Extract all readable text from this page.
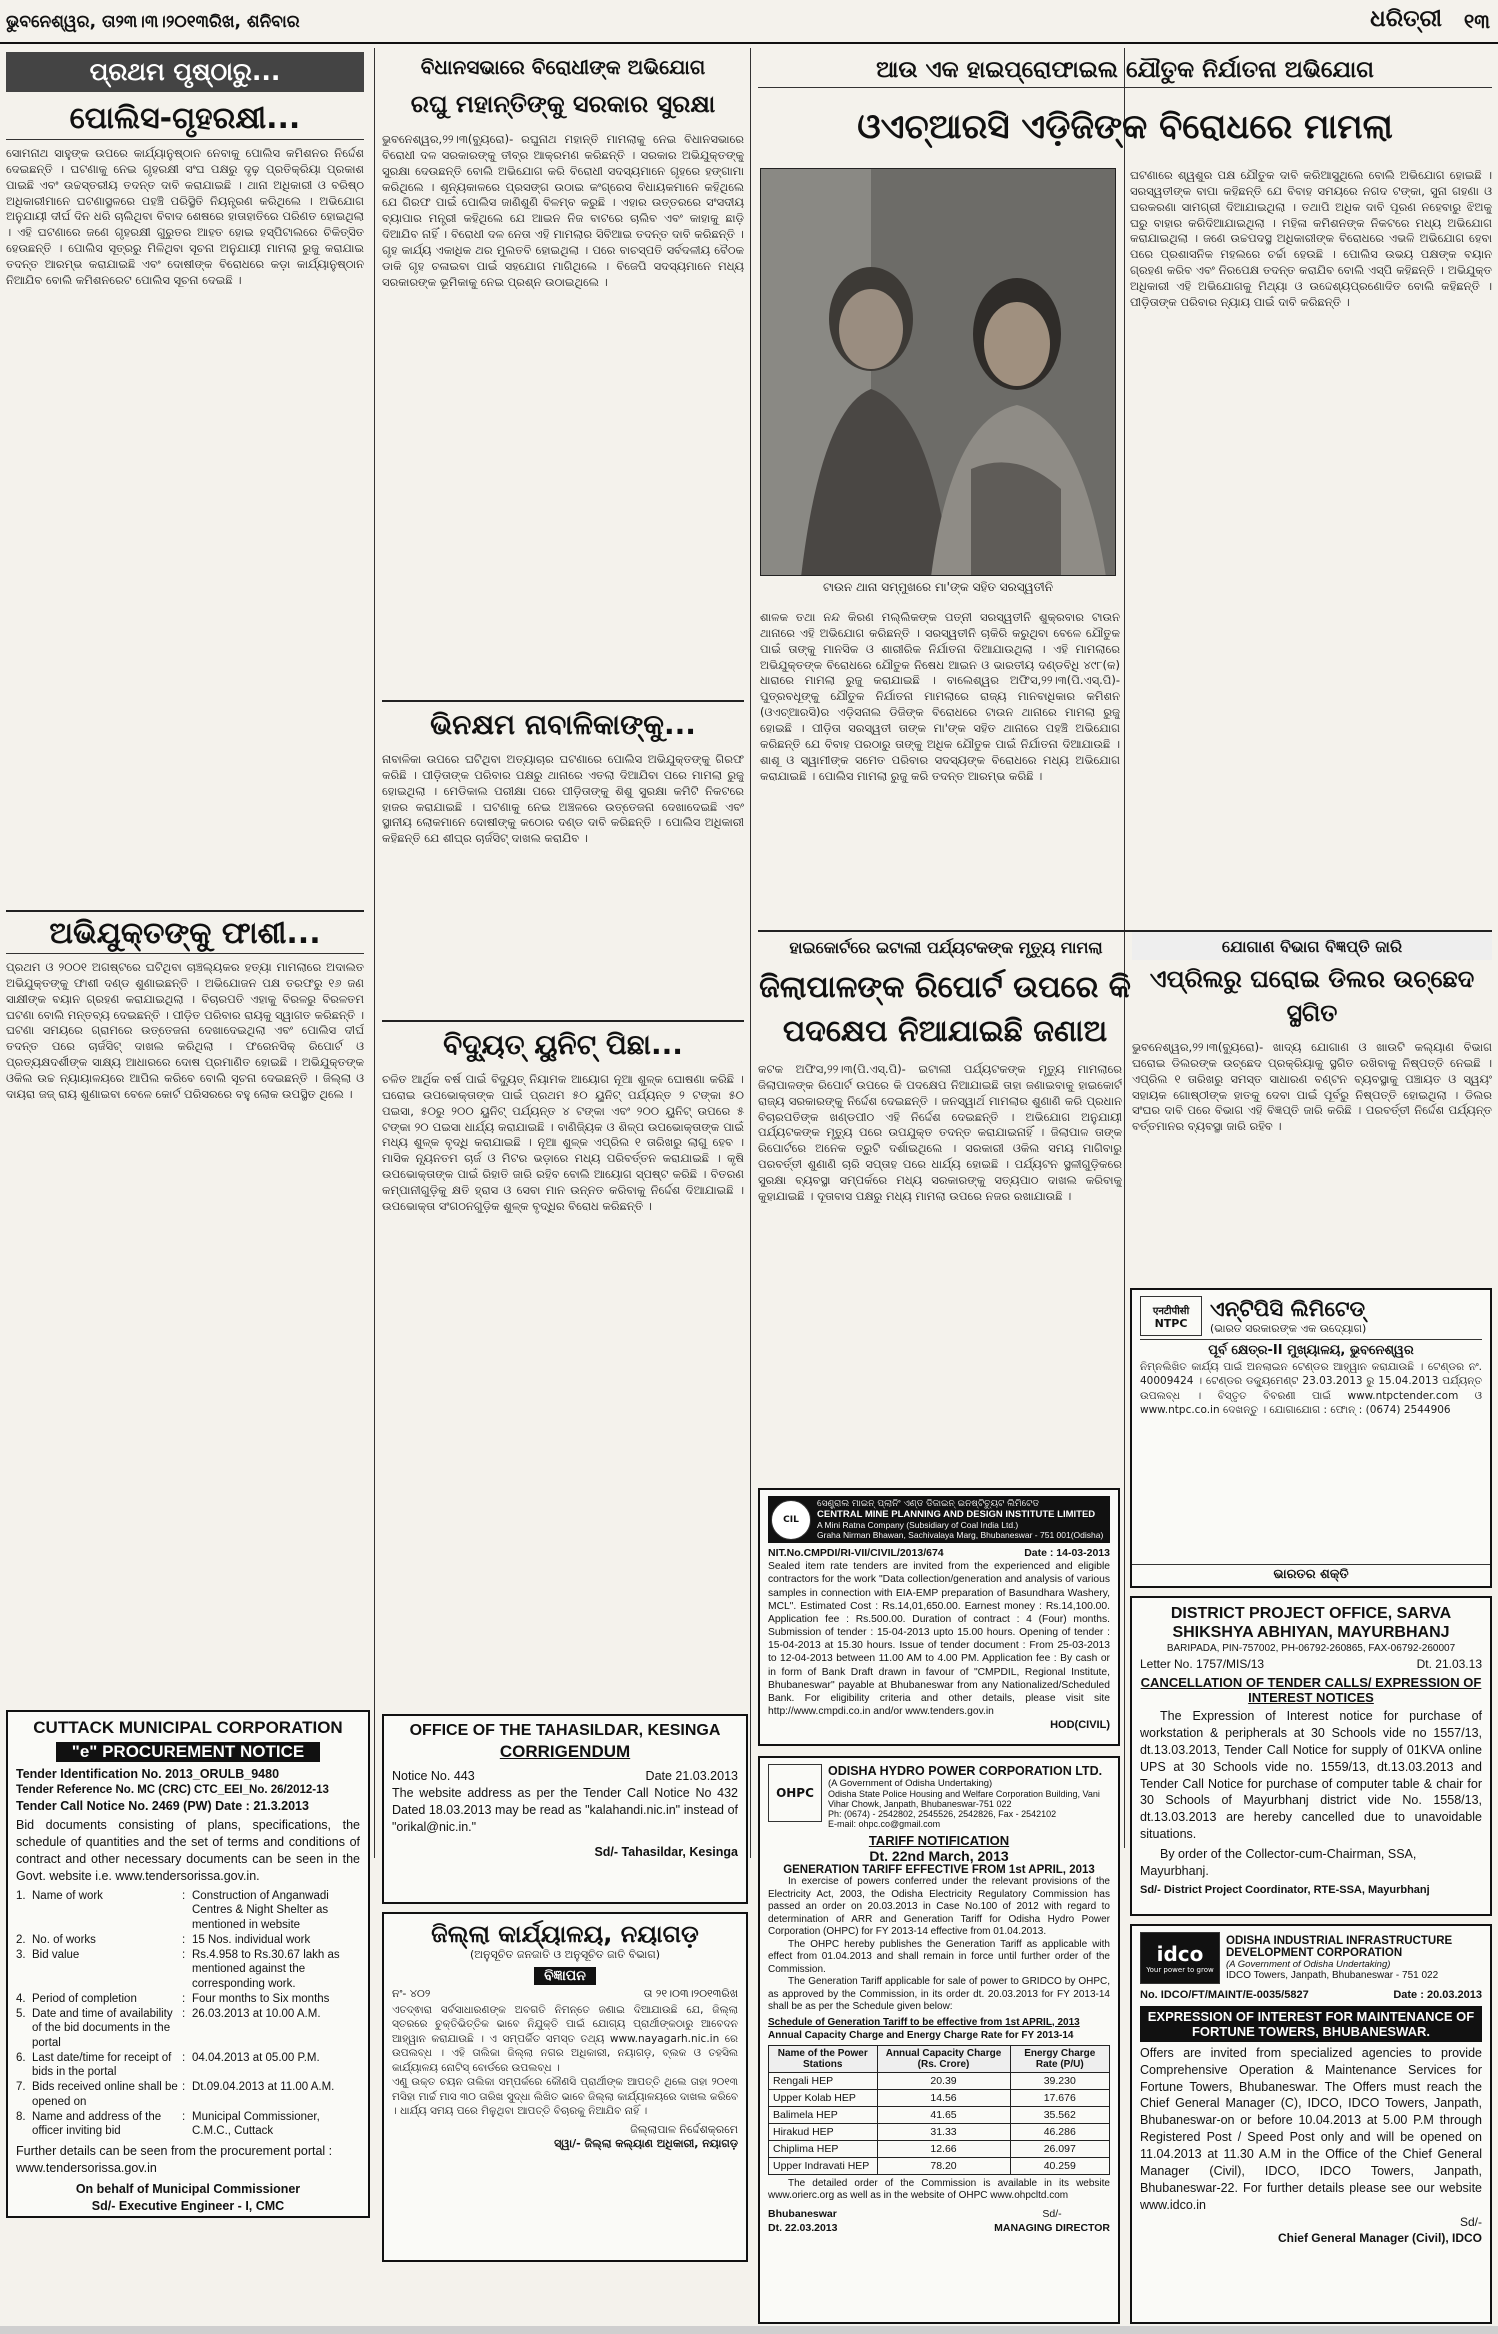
ଭୁବନେଶ୍ୱର, ତା୨୩।୩।୨୦୧୩ରିଖ, ଶନିବାର	ଧରିତ୍ରୀ ୧୩
ପ୍ରଥମ ପୃଷ୍ଠାରୁ...
ପୋଲିସ-ଗୃହରକ୍ଷୀ...
ସୋମନାଥ ସାହୁଙ୍କ ଉପରେ କାର୍ଯ୍ୟାନୁଷ୍ଠାନ ନେବାକୁ ପୋଲିସ କମିଶନର ନିର୍ଦ୍ଦେଶ ଦେଇଛନ୍ତି । ଘଟଣାକୁ ନେଇ ଗୃହରକ୍ଷୀ ସଂଘ ପକ୍ଷରୁ ଦୃଢ଼ ପ୍ରତିକ୍ରିୟା ପ୍ରକାଶ ପାଇଛି ଏବଂ ଉଚ୍ଚସ୍ତରୀୟ ତଦନ୍ତ ଦାବି କରାଯାଇଛି । ଥାନା ଅଧିକାରୀ ଓ ବରିଷ୍ଠ ଅଧିକାରୀମାନେ ଘଟଣାସ୍ଥଳରେ ପହଞ୍ଚି ପରିସ୍ଥିତି ନିୟନ୍ତ୍ରଣ କରିଥିଲେ । ଅଭିଯୋଗ ଅନୁଯାୟୀ ଦୀର୍ଘ ଦିନ ଧରି ଚାଲିଥିବା ବିବାଦ ଶେଷରେ ହାତାହାତିରେ ପରିଣତ ହୋଇଥିଲା । ଏହି ଘଟଣାରେ ଜଣେ ଗୃହରକ୍ଷୀ ଗୁରୁତର ଆହତ ହୋଇ ହସ୍ପିଟାଲରେ ଚିକିତ୍ସିତ ହେଉଛନ୍ତି । ପୋଲିସ ସୂତ୍ରରୁ ମିଳିଥିବା ସୂଚନା ଅନୁଯାୟୀ ମାମଲା ରୁଜୁ କରାଯାଇ ତଦନ୍ତ ଆରମ୍ଭ କରାଯାଇଛି ଏବଂ ଦୋଷୀଙ୍କ ବିରୋଧରେ କଡ଼ା କାର୍ଯ୍ୟାନୁଷ୍ଠାନ ନିଆଯିବ ବୋଲି କମିଶନରେଟ ପୋଲିସ ସୂଚନା ଦେଇଛି ।
ଅଭିଯୁକ୍ତଙ୍କୁ ଫାଶୀ...
ପ୍ରଥମ ଓ ୨୦୦୧ ଅଗଷ୍ଟରେ ଘଟିଥିବା ଚାଞ୍ଚଲ୍ୟକର ହତ୍ୟା ମାମଲାରେ ଅଦାଲତ ଅଭିଯୁକ୍ତଙ୍କୁ ଫାଶୀ ଦଣ୍ଡ ଶୁଣାଇଛନ୍ତି । ଅଭିଯୋଜନ ପକ୍ଷ ତରଫରୁ ୧୬ ଜଣ ସାକ୍ଷୀଙ୍କ ବୟାନ ଗ୍ରହଣ କରାଯାଇଥିଲା । ବିଚାରପତି ଏହାକୁ ବିରଳରୁ ବିରଳତମ ଘଟଣା ବୋଲି ମନ୍ତବ୍ୟ ଦେଇଛନ୍ତି । ପୀଡ଼ିତ ପରିବାର ରାୟକୁ ସ୍ୱାଗତ କରିଛନ୍ତି । ଘଟଣା ସମୟରେ ଗ୍ରାମରେ ଉତ୍ତେଜନା ଦେଖାଦେଇଥିଲା ଏବଂ ପୋଲିସ ଦୀର୍ଘ ତଦନ୍ତ ପରେ ଚାର୍ଜସିଟ୍ ଦାଖଲ କରିଥିଲା । ଫରେନସିକ୍ ରିପୋର୍ଟ ଓ ପ୍ରତ୍ୟକ୍ଷଦର୍ଶୀଙ୍କ ସାକ୍ଷ୍ୟ ଆଧାରରେ ଦୋଷ ପ୍ରମାଣିତ ହୋଇଛି । ଅଭିଯୁକ୍ତଙ୍କ ଓକିଲ ଉଚ୍ଚ ନ୍ୟାୟାଳୟରେ ଆପିଲ କରିବେ ବୋଲି ସୂଚନା ଦେଇଛନ୍ତି । ଜିଲ୍ଲା ଓ ଦାୟରା ଜଜ୍ ରାୟ ଶୁଣାଇବା ବେଳେ କୋର୍ଟ ପରିସରରେ ବହୁ ଲୋକ ଉପସ୍ଥିତ ଥିଲେ ।
CUTTACK MUNICIPAL CORPORATION
"e" PROCUREMENT NOTICE
Tender Identification No. 2013_ORULB_9480
Tender Reference No. MC (CRC) CTC_EEI_No. 26/2012-13
Tender Call Notice No. 2469 (PW) Date : 21.3.2013
Bid documents consisting of plans, specifications, the schedule of quantities and the set of terms and conditions of contract and other necessary documents can be seen in the Govt. website i.e. www.tendersorissa.gov.in.
1. Name of work	: Construction of Anganwadi Centres & Night Shelter as mentioned in website
2. No. of works	: 15 Nos. individual work
3. Bid value	: Rs.4.958 to Rs.30.67 lakh as mentioned against the corresponding work.
4. Period of completion	: Four months to Six months
5. Date and time of availability of the bid documents in the portal
: 26.03.2013 at 10.00 A.M.
6. Last date/time for receipt of bids in the portal
: 04.04.2013 at 05.00 P.M.
7. Bids received online shall be opened on
: Dt.09.04.2013 at 11.00 A.M.
8. Name and address of the officer inviting bid
: Municipal Commissioner, C.M.C., Cuttack
Further details can be seen from the procurement portal : www.tendersorissa.gov.in
On behalf of Municipal Commissioner
Sd/- Executive Engineer - I, CMC
ବିଧାନସଭାରେ ବିରୋଧୀଙ୍କ ଅଭିଯୋଗ
ରଘୁ ମହାନ୍ତିଙ୍କୁ ସରକାର ସୁରକ୍ଷା
ଭୁବନେଶ୍ୱର,୨୨।୩(ବ୍ୟୁରୋ)- ରଘୁନାଥ ମହାନ୍ତି ମାମଲାକୁ ନେଇ ବିଧାନସଭାରେ ବିରୋଧୀ ଦଳ ସରକାରଙ୍କୁ ତୀବ୍ର ଆକ୍ରମଣ କରିଛନ୍ତି । ସରକାର ଅଭିଯୁକ୍ତଙ୍କୁ ସୁରକ୍ଷା ଦେଉଛନ୍ତି ବୋଲି ଅଭିଯୋଗ କରି ବିରୋଧୀ ସଦସ୍ୟମାନେ ଗୃହରେ ହଙ୍ଗାମା କରିଥିଲେ । ଶୂନ୍ୟକାଳରେ ପ୍ରସଙ୍ଗ ଉଠାଇ କଂଗ୍ରେସ ବିଧାୟକମାନେ କହିଥିଲେ ଯେ ଗିରଫ ପାଇଁ ପୋଲିସ ଜାଣିଶୁଣି ବିଳମ୍ବ କରୁଛି । ଏହାର ଉତ୍ତରରେ ସଂସଦୀୟ ବ୍ୟାପାର ମନ୍ତ୍ରୀ କହିଥିଲେ ଯେ ଆଇନ ନିଜ ବାଟରେ ଚାଲିବ ଏବଂ କାହାକୁ ଛାଡ଼ି ଦିଆଯିବ ନାହିଁ । ବିରୋଧୀ ଦଳ ନେତା ଏହି ମାମଲାର ସିବିଆଇ ତଦନ୍ତ ଦାବି କରିଛନ୍ତି । ଗୃହ କାର୍ଯ୍ୟ ଏକାଧିକ ଥର ମୁଲତବି ହୋଇଥିଲା । ପରେ ବାଚସ୍ପତି ସର୍ବଦଳୀୟ ବୈଠକ ଡାକି ଗୃହ ଚଳାଇବା ପାଇଁ ସହଯୋଗ ମାଗିଥିଲେ । ବିଜେପି ସଦସ୍ୟମାନେ ମଧ୍ୟ ସରକାରଙ୍କ ଭୂମିକାକୁ ନେଇ ପ୍ରଶ୍ନ ଉଠାଇଥିଲେ ।
ଭିନକ୍ଷମ ନାବାଳିକାଙ୍କୁ...
ନାବାଳିକା ଉପରେ ଘଟିଥିବା ଅତ୍ୟାଚାର ଘଟଣାରେ ପୋଲିସ ଅଭିଯୁକ୍ତଙ୍କୁ ଗିରଫ କରିଛି । ପୀଡ଼ିତାଙ୍କ ପରିବାର ପକ୍ଷରୁ ଥାନାରେ ଏତଲା ଦିଆଯିବା ପରେ ମାମଲା ରୁଜୁ ହୋଇଥିଲା । ମେଡିକାଲ ପରୀକ୍ଷା ପରେ ପୀଡ଼ିତାଙ୍କୁ ଶିଶୁ ସୁରକ୍ଷା କମିଟି ନିକଟରେ ହାଜର କରାଯାଇଛି । ଘଟଣାକୁ ନେଇ ଅଞ୍ଚଳରେ ଉତ୍ତେଜନା ଦେଖାଦେଇଛି ଏବଂ ସ୍ଥାନୀୟ ଲୋକମାନେ ଦୋଷୀଙ୍କୁ କଠୋର ଦଣ୍ଡ ଦାବି କରିଛନ୍ତି । ପୋଲିସ ଅଧିକାରୀ କହିଛନ୍ତି ଯେ ଶୀଘ୍ର ଚାର୍ଜସିଟ୍ ଦାଖଲ କରାଯିବ ।
ବିଦ୍ୟୁତ୍ ୟୁନିଟ୍ ପିଛା...
ଚଳିତ ଆର୍ଥିକ ବର୍ଷ ପାଇଁ ବିଦ୍ୟୁତ୍ ନିୟାମକ ଆୟୋଗ ନୂଆ ଶୁଳ୍କ ଘୋଷଣା କରିଛି । ଘରୋଇ ଉପଭୋକ୍ତାଙ୍କ ପାଇଁ ପ୍ରଥମ ୫୦ ୟୁନିଟ୍ ପର୍ଯ୍ୟନ୍ତ ୨ ଟଙ୍କା ୫୦ ପଇସା, ୫୦ରୁ ୨୦୦ ୟୁନିଟ୍ ପର୍ଯ୍ୟନ୍ତ ୪ ଟଙ୍କା ଏବଂ ୨୦୦ ୟୁନିଟ୍ ଉପରେ ୫ ଟଙ୍କା ୨୦ ପଇସା ଧାର୍ଯ୍ୟ କରାଯାଇଛି । ବାଣିଜ୍ୟିକ ଓ ଶିଳ୍ପ ଉପଭୋକ୍ତାଙ୍କ ପାଇଁ ମଧ୍ୟ ଶୁଳ୍କ ବୃଦ୍ଧି କରାଯାଇଛି । ନୂଆ ଶୁଳ୍କ ଏପ୍ରିଲ ୧ ତାରିଖରୁ ଲାଗୁ ହେବ । ମାସିକ ନ୍ୟୂନତମ ଚାର୍ଜ ଓ ମିଟର ଭଡ଼ାରେ ମଧ୍ୟ ପରିବର୍ତ୍ତନ କରାଯାଇଛି । କୃଷି ଉପଭୋକ୍ତାଙ୍କ ପାଇଁ ରିହାତି ଜାରି ରହିବ ବୋଲି ଆୟୋଗ ସ୍ପଷ୍ଟ କରିଛି । ବିତରଣ କମ୍ପାନୀଗୁଡ଼ିକୁ କ୍ଷତି ହ୍ରାସ ଓ ସେବା ମାନ ଉନ୍ନତ କରିବାକୁ ନିର୍ଦ୍ଦେଶ ଦିଆଯାଇଛି । ଉପଭୋକ୍ତା ସଂଗଠନଗୁଡ଼ିକ ଶୁଳ୍କ ବୃଦ୍ଧିର ବିରୋଧ କରିଛନ୍ତି ।
OFFICE OF THE TAHASILDAR, KESINGA
CORRIGENDUM
Notice No. 443	Date 21.03.2013
The website address as per the Tender Call Notice No 432 Dated 18.03.2013 may be read as "kalahandi.nic.in" instead of "orikal@nic.in."
Sd/- Tahasildar, Kesinga
ଜିଲ୍ଲା କାର୍ଯ୍ୟାଳୟ, ନୟାଗଡ଼
(ଅନୁସୂଚିତ ଜନଜାତି ଓ ଅନୁସୂଚିତ ଜାତି ବିଭାଗ)
ବିଜ୍ଞାପନ
ନଂ- ୪୦୨	ତା ୨୧।୦୩।୨୦୧୩ରିଖ
ଏତଦ୍ଵାରା ସର୍ବସାଧାରଣଙ୍କ ଅବଗତି ନିମନ୍ତେ ଜଣାଇ ଦିଆଯାଉଛି ଯେ, ଜିଲ୍ଲା ସ୍ତରରେ ଚୁକ୍ତିଭିତ୍ତିକ ଭାବେ ନିଯୁକ୍ତି ପାଇଁ ଯୋଗ୍ୟ ପ୍ରାର୍ଥୀଙ୍କଠାରୁ ଆବେଦନ ଆହ୍ୱାନ କରାଯାଉଛି । ଏ ସମ୍ପର୍କିତ ସମସ୍ତ ତଥ୍ୟ www.nayagarh.nic.in ରେ ଉପଲବ୍ଧ । ଏହି ତାଲିକା ଜିଲ୍ଲା ନଗର ଅଧିକାରୀ, ନୟାଗଡ଼, ବ୍ଲକ ଓ ତହସିଲ କାର୍ଯ୍ୟାଳୟ ନୋଟିସ୍ ବୋର୍ଡରେ ଉପଲବ୍ଧ ।
ଏଣୁ ଉକ୍ତ ଚୟନ ତାଲିକା ସମ୍ପର୍କରେ କୌଣସି ପ୍ରାର୍ଥୀଙ୍କ ଆପତ୍ତି ଥିଲେ ତାହା ୨୦୧୩ ମସିହା ମାର୍ଚ୍ଚ ମାସ ୩୦ ତାରିଖ ସୁଦ୍ଧା ଲିଖିତ ଭାବେ ଜିଲ୍ଲା କାର୍ଯ୍ୟାଳୟରେ ଦାଖଲ କରିବେ । ଧାର୍ଯ୍ୟ ସମୟ ପରେ ମିଳୁଥିବା ଆପତ୍ତି ବିଚାରକୁ ନିଆଯିବ ନାହିଁ ।
ଜିଲ୍ଲାପାଳ ନିର୍ଦ୍ଦେଶକ୍ରମେ
ସ୍ୱା/- ଜିଲ୍ଲା କଲ୍ୟାଣ ଅଧିକାରୀ, ନୟାଗଡ଼
ଆଉ ଏକ ହାଇପ୍ରୋଫାଇଲ ଯୌତୁକ ନିର୍ଯାତନା ଅଭିଯୋଗ
ଓଏଚ୍ଆରସି ଏଡ଼ିଜିଙ୍କ ବିରୋଧରେ ମାମଲା
ଟାଉନ ଥାନା ସମ୍ମୁଖରେ ମା'ଙ୍କ ସହିତ ସରସ୍ୱତୀନି
ଘଟଣାରେ ଶ୍ୱଶୁର ପକ୍ଷ ଯୌତୁକ ଦାବି କରିଆସୁଥିଲେ ବୋଲି ଅଭିଯୋଗ ହୋଇଛି । ସରସ୍ୱତୀଙ୍କ ବାପା କହିଛନ୍ତି ଯେ ବିବାହ ସମୟରେ ନଗଦ ଟଙ୍କା, ସୁନା ଗହଣା ଓ ଘରକରଣା ସାମଗ୍ରୀ ଦିଆଯାଇଥିଲା । ତଥାପି ଅଧିକ ଦାବି ପୂରଣ ନହେବାରୁ ଝିଅକୁ ଘରୁ ବାହାର କରିଦିଆଯାଇଥିଲା । ମହିଳା କମିଶନଙ୍କ ନିକଟରେ ମଧ୍ୟ ଅଭିଯୋଗ କରାଯାଇଥିଲା । ଜଣେ ଉଚ୍ଚପଦସ୍ଥ ଅଧିକାରୀଙ୍କ ବିରୋଧରେ ଏଭଳି ଅଭିଯୋଗ ହେବା ପରେ ପ୍ରଶାସନିକ ମହଲରେ ଚର୍ଚ୍ଚା ହେଉଛି । ପୋଲିସ ଉଭୟ ପକ୍ଷଙ୍କ ବୟାନ ଗ୍ରହଣ କରିବ ଏବଂ ନିରପେକ୍ଷ ତଦନ୍ତ କରାଯିବ ବୋଲି ଏସ୍ପି କହିଛନ୍ତି । ଅଭିଯୁକ୍ତ ଅଧିକାରୀ ଏହି ଅଭିଯୋଗକୁ ମିଥ୍ୟା ଓ ଉଦ୍ଦେଶ୍ୟପ୍ରଣୋଦିତ ବୋଲି କହିଛନ୍ତି । ପୀଡ଼ିତାଙ୍କ ପରିବାର ନ୍ୟାୟ ପାଇଁ ଦାବି କରିଛନ୍ତି ।
ଶାଳକ ତଥା ନନ୍ଦ କିରଣ ମଲ୍ଲିକଙ୍କ ପତ୍ନୀ ସରସ୍ୱତୀନି ଶୁକ୍ରବାର ଟାଉନ ଥାନାରେ ଏହି ଅଭିଯୋଗ କରିଛନ୍ତି । ସରସ୍ୱତୀନି ଚାକିରି କରୁଥିବା ବେଳେ ଯୌତୁକ ପାଇଁ ତାଙ୍କୁ ମାନସିକ ଓ ଶାରୀରିକ ନିର୍ଯାତନା ଦିଆଯାଉଥିଲା । ଏହି ମାମଲାରେ ଅଭିଯୁକ୍ତଙ୍କ ବିରୋଧରେ ଯୌତୁକ ନିଷେଧ ଆଇନ ଓ ଭାରତୀୟ ଦଣ୍ଡବିଧି ୪୯୮(କ) ଧାରାରେ ମାମଲା ରୁଜୁ କରାଯାଇଛି । ବାଲେଶ୍ୱର ଅଫିସ,୨୨।୩(ପି.ଏସ୍.ପି)- ପୁତ୍ରବଧୂଙ୍କୁ ଯୌତୁକ ନିର୍ଯାତନା ମାମଲାରେ ରାଜ୍ୟ ମାନବାଧିକାର କମିଶନ (ଓଏଚ୍ଆରସି)ର ଏଡ଼ିସନାଲ ଡିଜିଙ୍କ ବିରୋଧରେ ଟାଉନ ଥାନାରେ ମାମଲା ରୁଜୁ ହୋଇଛି । ପୀଡ଼ିତା ସରସ୍ୱତୀ ତାଙ୍କ ମା'ଙ୍କ ସହିତ ଥାନାରେ ପହଞ୍ଚି ଅଭିଯୋଗ କରିଛନ୍ତି ଯେ ବିବାହ ପରଠାରୁ ତାଙ୍କୁ ଅଧିକ ଯୌତୁକ ପାଇଁ ନିର୍ଯାତନା ଦିଆଯାଉଛି । ଶାଶୂ ଓ ସ୍ୱାମୀଙ୍କ ସମେତ ପରିବାର ସଦସ୍ୟଙ୍କ ବିରୋଧରେ ମଧ୍ୟ ଅଭିଯୋଗ କରାଯାଇଛି । ପୋଲିସ ମାମଲା ରୁଜୁ କରି ତଦନ୍ତ ଆରମ୍ଭ କରିଛି ।
ହାଇକୋର୍ଟରେ ଇଟାଲୀ ପର୍ଯ୍ୟଟକଙ୍କ ମୃତ୍ୟୁ ମାମଲା
ଜିଲାପାଳଙ୍କ ରିପୋର୍ଟ ଉପରେ କି ପଦକ୍ଷେପ ନିଆଯାଇଛି ଜଣାଅ
କଟକ ଅଫିସ,୨୨।୩(ପି.ଏସ୍.ପି)- ଇଟାଲୀ ପର୍ଯ୍ୟଟକଙ୍କ ମୃତ୍ୟୁ ମାମଲାରେ ଜିଲାପାଳଙ୍କ ରିପୋର୍ଟ ଉପରେ କି ପଦକ୍ଷେପ ନିଆଯାଇଛି ତାହା ଜଣାଇବାକୁ ହାଇକୋର୍ଟ ରାଜ୍ୟ ସରକାରଙ୍କୁ ନିର୍ଦ୍ଦେଶ ଦେଇଛନ୍ତି । ଜନସ୍ୱାର୍ଥ ମାମଲାର ଶୁଣାଣି କରି ପ୍ରଧାନ ବିଚାରପତିଙ୍କ ଖଣ୍ଡପୀଠ ଏହି ନିର୍ଦ୍ଦେଶ ଦେଇଛନ୍ତି । ଅଭିଯୋଗ ଅନୁଯାୟୀ ପର୍ଯ୍ୟଟକଙ୍କ ମୃତ୍ୟୁ ପରେ ଉପଯୁକ୍ତ ତଦନ୍ତ କରାଯାଇନାହିଁ । ଜିଲାପାଳ ତାଙ୍କ ରିପୋର୍ଟରେ ଅନେକ ତ୍ରୁଟି ଦର୍ଶାଇଥିଲେ । ସରକାରୀ ଓକିଲ ସମୟ ମାଗିବାରୁ ପରବର୍ତ୍ତୀ ଶୁଣାଣି ଚାରି ସପ୍ତାହ ପରେ ଧାର୍ଯ୍ୟ ହୋଇଛି । ପର୍ଯ୍ୟଟନ ସ୍ଥଳୀଗୁଡ଼ିକରେ ସୁରକ୍ଷା ବ୍ୟବସ୍ଥା ସମ୍ପର୍କରେ ମଧ୍ୟ ସରକାରଙ୍କୁ ସତ୍ୟପାଠ ଦାଖଲ କରିବାକୁ କୁହାଯାଇଛି । ଦୂତାବାସ ପକ୍ଷରୁ ମଧ୍ୟ ମାମଲା ଉପରେ ନଜର ରଖାଯାଉଛି ।
ଯୋଗାଣ ବିଭାଗ ବିଜ୍ଞପ୍ତି ଜାରି
ଏପ୍ରିଲରୁ ଘରୋଇ ଡିଲର ଉଚ୍ଛେଦ ସ୍ଥଗିତ
ଭୁବନେଶ୍ୱର,୨୨।୩(ବ୍ୟୁରୋ)- ଖାଦ୍ୟ ଯୋଗାଣ ଓ ଖାଉଟି କଲ୍ୟାଣ ବିଭାଗ ଘରୋଇ ଡିଲରଙ୍କ ଉଚ୍ଛେଦ ପ୍ରକ୍ରିୟାକୁ ସ୍ଥଗିତ ରଖିବାକୁ ନିଷ୍ପତ୍ତି ନେଇଛି । ଏପ୍ରିଲ ୧ ତାରିଖରୁ ସମସ୍ତ ସାଧାରଣ ବଣ୍ଟନ ବ୍ୟବସ୍ଥାକୁ ପଞ୍ଚାୟତ ଓ ସ୍ୱୟଂ ସହାୟକ ଗୋଷ୍ଠୀଙ୍କ ହାତକୁ ଦେବା ପାଇଁ ପୂର୍ବରୁ ନିଷ୍ପତ୍ତି ହୋଇଥିଲା । ଡିଲର ସଂଘର ଦାବି ପରେ ବିଭାଗ ଏହି ବିଜ୍ଞପ୍ତି ଜାରି କରିଛି । ପରବର୍ତ୍ତୀ ନିର୍ଦ୍ଦେଶ ପର୍ଯ୍ୟନ୍ତ ବର୍ତ୍ତମାନର ବ୍ୟବସ୍ଥା ଜାରି ରହିବ ।
CIL
ସେଣ୍ଟ୍ରାଲ ମାଇନ୍ ପ୍ଲାନିଂ ଏଣ୍ଡ ଡିଜାଇନ୍ ଇନଷ୍ଟିଚ୍ୟୁଟ ଲିମିଟେଡ
CENTRAL MINE PLANNING AND DESIGN INSTITUTE LIMITED
A Mini Ratna Company (Subsidiary of Coal India Ltd.)
Graha Nirman Bhawan, Sachivalaya Marg, Bhubaneswar - 751 001(Odisha)
NIT.No.CMPDI/RI-VII/CIVIL/2013/674	Date : 14-03-2013
Sealed item rate tenders are invited from the experienced and eligible contractors for the work "Data collection/generation and analysis of various samples in connection with EIA-EMP preparation of Basundhara Washery, MCL". Estimated Cost : Rs.14,01,650.00. Earnest money : Rs.14,100.00. Application fee : Rs.500.00. Duration of contract : 4 (Four) months. Submission of tender : 15-04-2013 upto 15.00 hours. Opening of tender : 15-04-2013 at 15.30 hours. Issue of tender document : From 25-03-2013 to 12-04-2013 between 11.00 AM to 4.00 PM. Application fee : By cash or in form of Bank Draft drawn in favour of "CMPDIL, Regional Institute, Bhubaneswar" payable at Bhubaneswar from any Nationalized/Scheduled Bank. For eligibility criteria and other details, please visit site http://www.cmpdi.co.in and/or www.tenders.gov.in
HOD(CIVIL)
OHPC
ODISHA HYDRO POWER CORPORATION LTD.
(A Government of Odisha Undertaking)
Odisha State Police Housing and Welfare Corporation Building, Vani Vihar Chowk, Janpath, Bhubaneswar-751 022
Ph: (0674) - 2542802, 2545526, 2542826, Fax - 2542102
E-mail: ohpc.co@gmail.com
TARIFF NOTIFICATION
Dt. 22nd March, 2013
GENERATION TARIFF EFFECTIVE FROM 1st APRIL, 2013
In exercise of powers conferred under the relevant provisions of the Electricity Act, 2003, the Odisha Electricity Regulatory Commission has passed an order on 20.03.2013 in Case No.100 of 2012 with regard to determination of ARR and Generation Tariff for Odisha Hydro Power Corporation (OHPC) for FY 2013-14 effective from 01.04.2013.
The OHPC hereby publishes the Generation Tariff as applicable with effect from 01.04.2013 and shall remain in force until further order of the Commission.
The Generation Tariff applicable for sale of power to GRIDCO by OHPC, as approved by the Commission, in its order dt. 20.03.2013 for FY 2013-14 shall be as per the Schedule given below:
Schedule of Generation Tariff to be effective from 1st APRIL, 2013
Annual Capacity Charge and Energy Charge Rate for FY 2013-14
Name of the Power Stations	Annual Capacity Charge (Rs. Crore)	Energy Charge Rate (P/U)
Rengali HEP	20.39	39.230
Upper Kolab HEP	14.56	17.676
Balimela HEP	41.65	35.562
Hirakud HEP	31.33	46.286
Chiplima HEP	12.66	26.097
Upper Indravati HEP	78.20	40.259
The detailed order of the Commission is available in its website www.orierc.org as well as in the website of OHPC www.ohpcltd.com
Bhubaneswar
Dt. 22.03.2013
Sd/-
MANAGING DIRECTOR
एनटीपीसी
NTPC
ଏନ୍‌ଟିପିସି ଲିମିଟେଡ୍
(ଭାରତ ସରକାରଙ୍କ ଏକ ଉଦ୍ୟୋଗ)
ପୂର୍ବ କ୍ଷେତ୍ର-II ମୁଖ୍ୟାଳୟ, ଭୁବନେଶ୍ୱର
ନିମ୍ନଲିଖିତ କାର୍ଯ୍ୟ ପାଇଁ ଅନଲାଇନ ଟେଣ୍ଡର ଆହ୍ୱାନ କରାଯାଉଛି । ଟେଣ୍ଡର ନଂ. 40009424 । ଟେଣ୍ଡର ଡକ୍ୟୁମେଣ୍ଟ 23.03.2013 ରୁ 15.04.2013 ପର୍ଯ୍ୟନ୍ତ ଉପଲବ୍ଧ । ବିସ୍ତୃତ ବିବରଣୀ ପାଇଁ www.ntpctender.com ଓ www.ntpc.co.in ଦେଖନ୍ତୁ । ଯୋଗାଯୋଗ : ଫୋନ୍ : (0674) 2544906
ଭାରତର ଶକ୍ତି
DISTRICT PROJECT OFFICE, SARVA SHIKSHYA ABHIYAN, MAYURBHANJ
BARIPADA, PIN-757002, PH-06792-260865, FAX-06792-260007
Letter No. 1757/MIS/13	Dt. 21.03.13
CANCELLATION OF TENDER CALLS/ EXPRESSION OF INTEREST NOTICES
The Expression of Interest notice for purchase of workstation & peripherals at 30 Schools vide no 1557/13, dt.13.03.2013, Tender Call Notice for supply of 01KVA online UPS at 30 Schools vide no. 1559/13, dt.13.03.2013 and Tender Call Notice for purchase of computer table & chair for 30 Schools of Mayurbhanj district vide No. 1558/13, dt.13.03.2013 are hereby cancelled due to unavoidable situations.
By order of the Collector-cum-Chairman, SSA, Mayurbhanj.
Sd/- District Project Coordinator, RTE-SSA, Mayurbhanj
idco
Your power to grow
ODISHA INDUSTRIAL INFRASTRUCTURE DEVELOPMENT CORPORATION
(A Government of Odisha Undertaking)
IDCO Towers, Janpath, Bhubaneswar - 751 022
No. IDCO/FT/MAINT/E-0035/5827	Date : 20.03.2013
EXPRESSION OF INTEREST FOR MAINTENANCE OF FORTUNE TOWERS, BHUBANESWAR.
Offers are invited from specialized agencies to provide Comprehensive Operation & Maintenance Services for Fortune Towers, Bhubaneswar. The Offers must reach the Chief General Manager (C), IDCO, IDCO Towers, Janpath, Bhubaneswar-on or before 10.04.2013 at 5.00 P.M through Registered Post / Speed Post only and will be opened on 11.04.2013 at 11.30 A.M in the Office of the Chief General Manager (Civil), IDCO, IDCO Towers, Janpath, Bhubaneswar-22. For further details please see our website www.idco.in
Sd/-
Chief General Manager (Civil), IDCO
